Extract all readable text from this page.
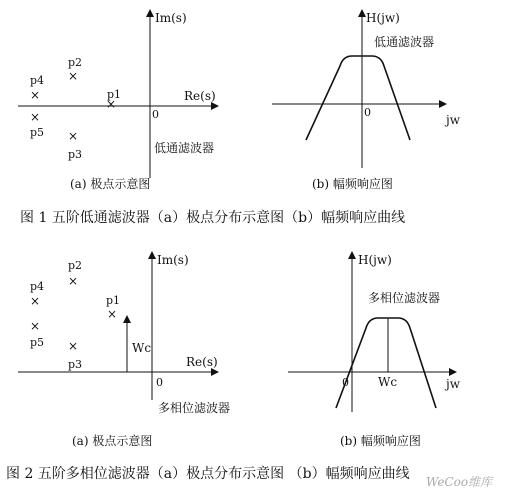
Im(s)
Re(s)
0
×
p1
×
p2
×
p3
×
p4
×
p5
低通滤波器
(a) 极点示意图
H(jw)
jw
0
低通滤波器
(b) 幅频响应图
图 1 五阶低通滤波器（a）极点分布示意图（b）幅频响应曲线
Im(s)
Re(s)
0
Wc
×
p1
×
p2
×
p3
×
p4
×
p5
多相位滤波器
(a) 极点示意图
H(jw)
jw
0
多相位滤波器
Wc
(b) 幅频响应图
图 2 五阶多相位滤波器（a）极点分布示意图 （b）幅频响应曲线 WeCoo维库
